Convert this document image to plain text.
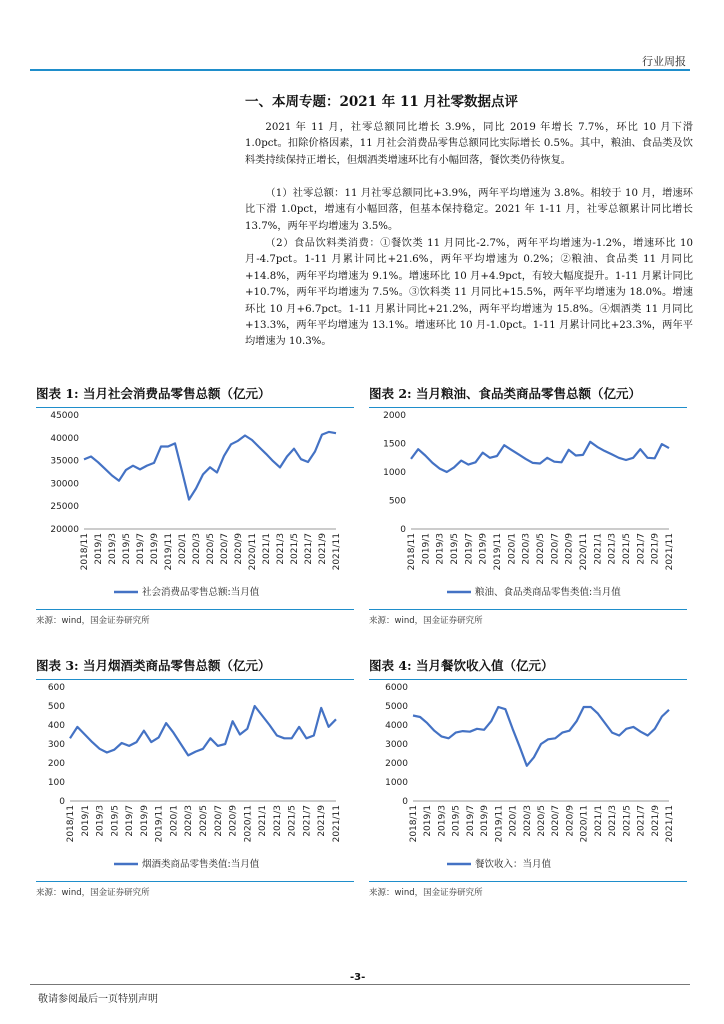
行业周报
一、本周专题：2021 年 11 月社零数据点评

2021 年 11 月，社零总额同比增长 3.9%，同比 2019 年增长 7.7%，环比 10 月下滑 1.0pct。扣除价格因素，11 月社会消费品零售总额同比实际增长 0.5%。其中，粮油、食品类及饮料类持续保持正增长，但烟酒类增速环比有小幅回落，餐饮类仍待恢复。

（1）社零总额：11 月社零总额同比+3.9%，两年平均增速为 3.8%。相较于 10 月，增速环比下滑 1.0pct，增速有小幅回落，但基本保持稳定。2021 年 1-11 月，社零总额累计同比增长 13.7%，两年平均增速为 3.5%。

（2）食品饮料类消费：①餐饮类 11 月同比-2.7%，两年平均增速为-1.2%，增速环比 10 月-4.7pct。1-11 月累计同比+21.6%，两年平均增速为 0.2%；②粮油、食品类 11 月同比+14.8%，两年平均增速为 9.1%。增速环比 10 月+4.9pct，有较大幅度提升。1-11 月累计同比+10.7%，两年平均增速为 7.5%。③饮料类 11 月同比+15.5%，两年平均增速为 18.0%。增速环比 10 月+6.7pct。1-11 月累计同比+21.2%，两年平均增速为 15.8%。④烟酒类 11 月同比+13.3%，两年平均增速为 13.1%。增速环比 10 月-1.0pct。1-11 月累计同比+23.3%，两年平均增速为 10.3%。

图表 1: 当月社会消费品零售总额（亿元）
20000
25000
30000
35000
40000
45000
2018/11 2019/1 2019/3 2019/5 2019/7 2019/9 2019/11 2020/1 2020/3 2020/5 2020/7 2020/9 2020/11 2021/1 2021/3 2021/5 2021/7 2021/9 2021/11
社会消费品零售总额:当月值
来源：wind，国金证券研究所
图表 2: 当月粮油、食品类商品零售总额（亿元）
0
500
1000
1500
2000
2018/11 2019/1 2019/3 2019/5 2019/7 2019/9 2019/11 2020/1 2020/3 2020/5 2020/7 2020/9 2020/11 2021/1 2021/3 2021/5 2021/7 2021/9 2021/11
粮油、食品类商品零售类值:当月值
来源：wind，国金证券研究所
图表 3: 当月烟酒类商品零售总额（亿元）
0
100
200
300
400
500
600
2018/11 2019/1 2019/3 2019/5 2019/7 2019/9 2019/11 2020/1 2020/3 2020/5 2020/7 2020/9 2020/11 2021/1 2021/3 2021/5 2021/7 2021/9 2021/11
烟酒类商品零售类值:当月值
来源：wind，国金证券研究所
图表 4: 当月餐饮收入值（亿元）
0
1000
2000
3000
4000
5000
6000
2018/11 2019/1 2019/3 2019/5 2019/7 2019/9 2019/11 2020/1 2020/3 2020/5 2020/7 2020/9 2020/11 2021/1 2021/3 2021/5 2021/7 2021/9 2021/11
餐饮收入：当月值
来源：wind，国金证券研究所
-3-
敬请参阅最后一页特别声明
